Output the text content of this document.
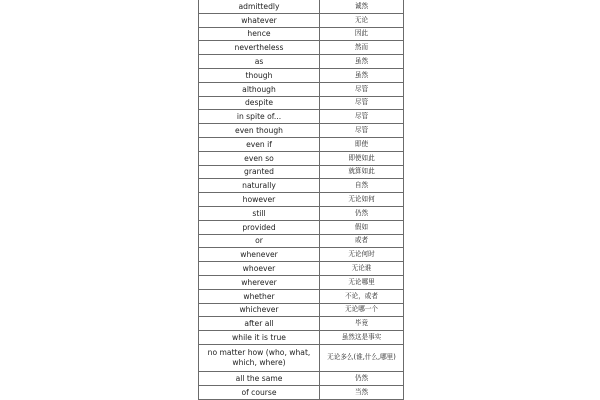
admittedly	诚然
whatever	无论
hence	因此
nevertheless	然而
as	虽然
though	虽然
although	尽管
despite	尽管
in spite of...	尽管
even though	尽管
even if	即使
even so	即使如此
granted	就算如此
naturally	自然
however	无论如何
still	仍然
provided	假如
or	或者
whenever	无论何时
whoever	无论谁
wherever	无论哪里
whether	不论，或者
whichever	无论哪一个
after all	毕竟
while it is true	虽然这是事实
no matter how (who, what, which, where)	无论多么(谁,什么,哪里)
all the same	仍然
of course	当然
